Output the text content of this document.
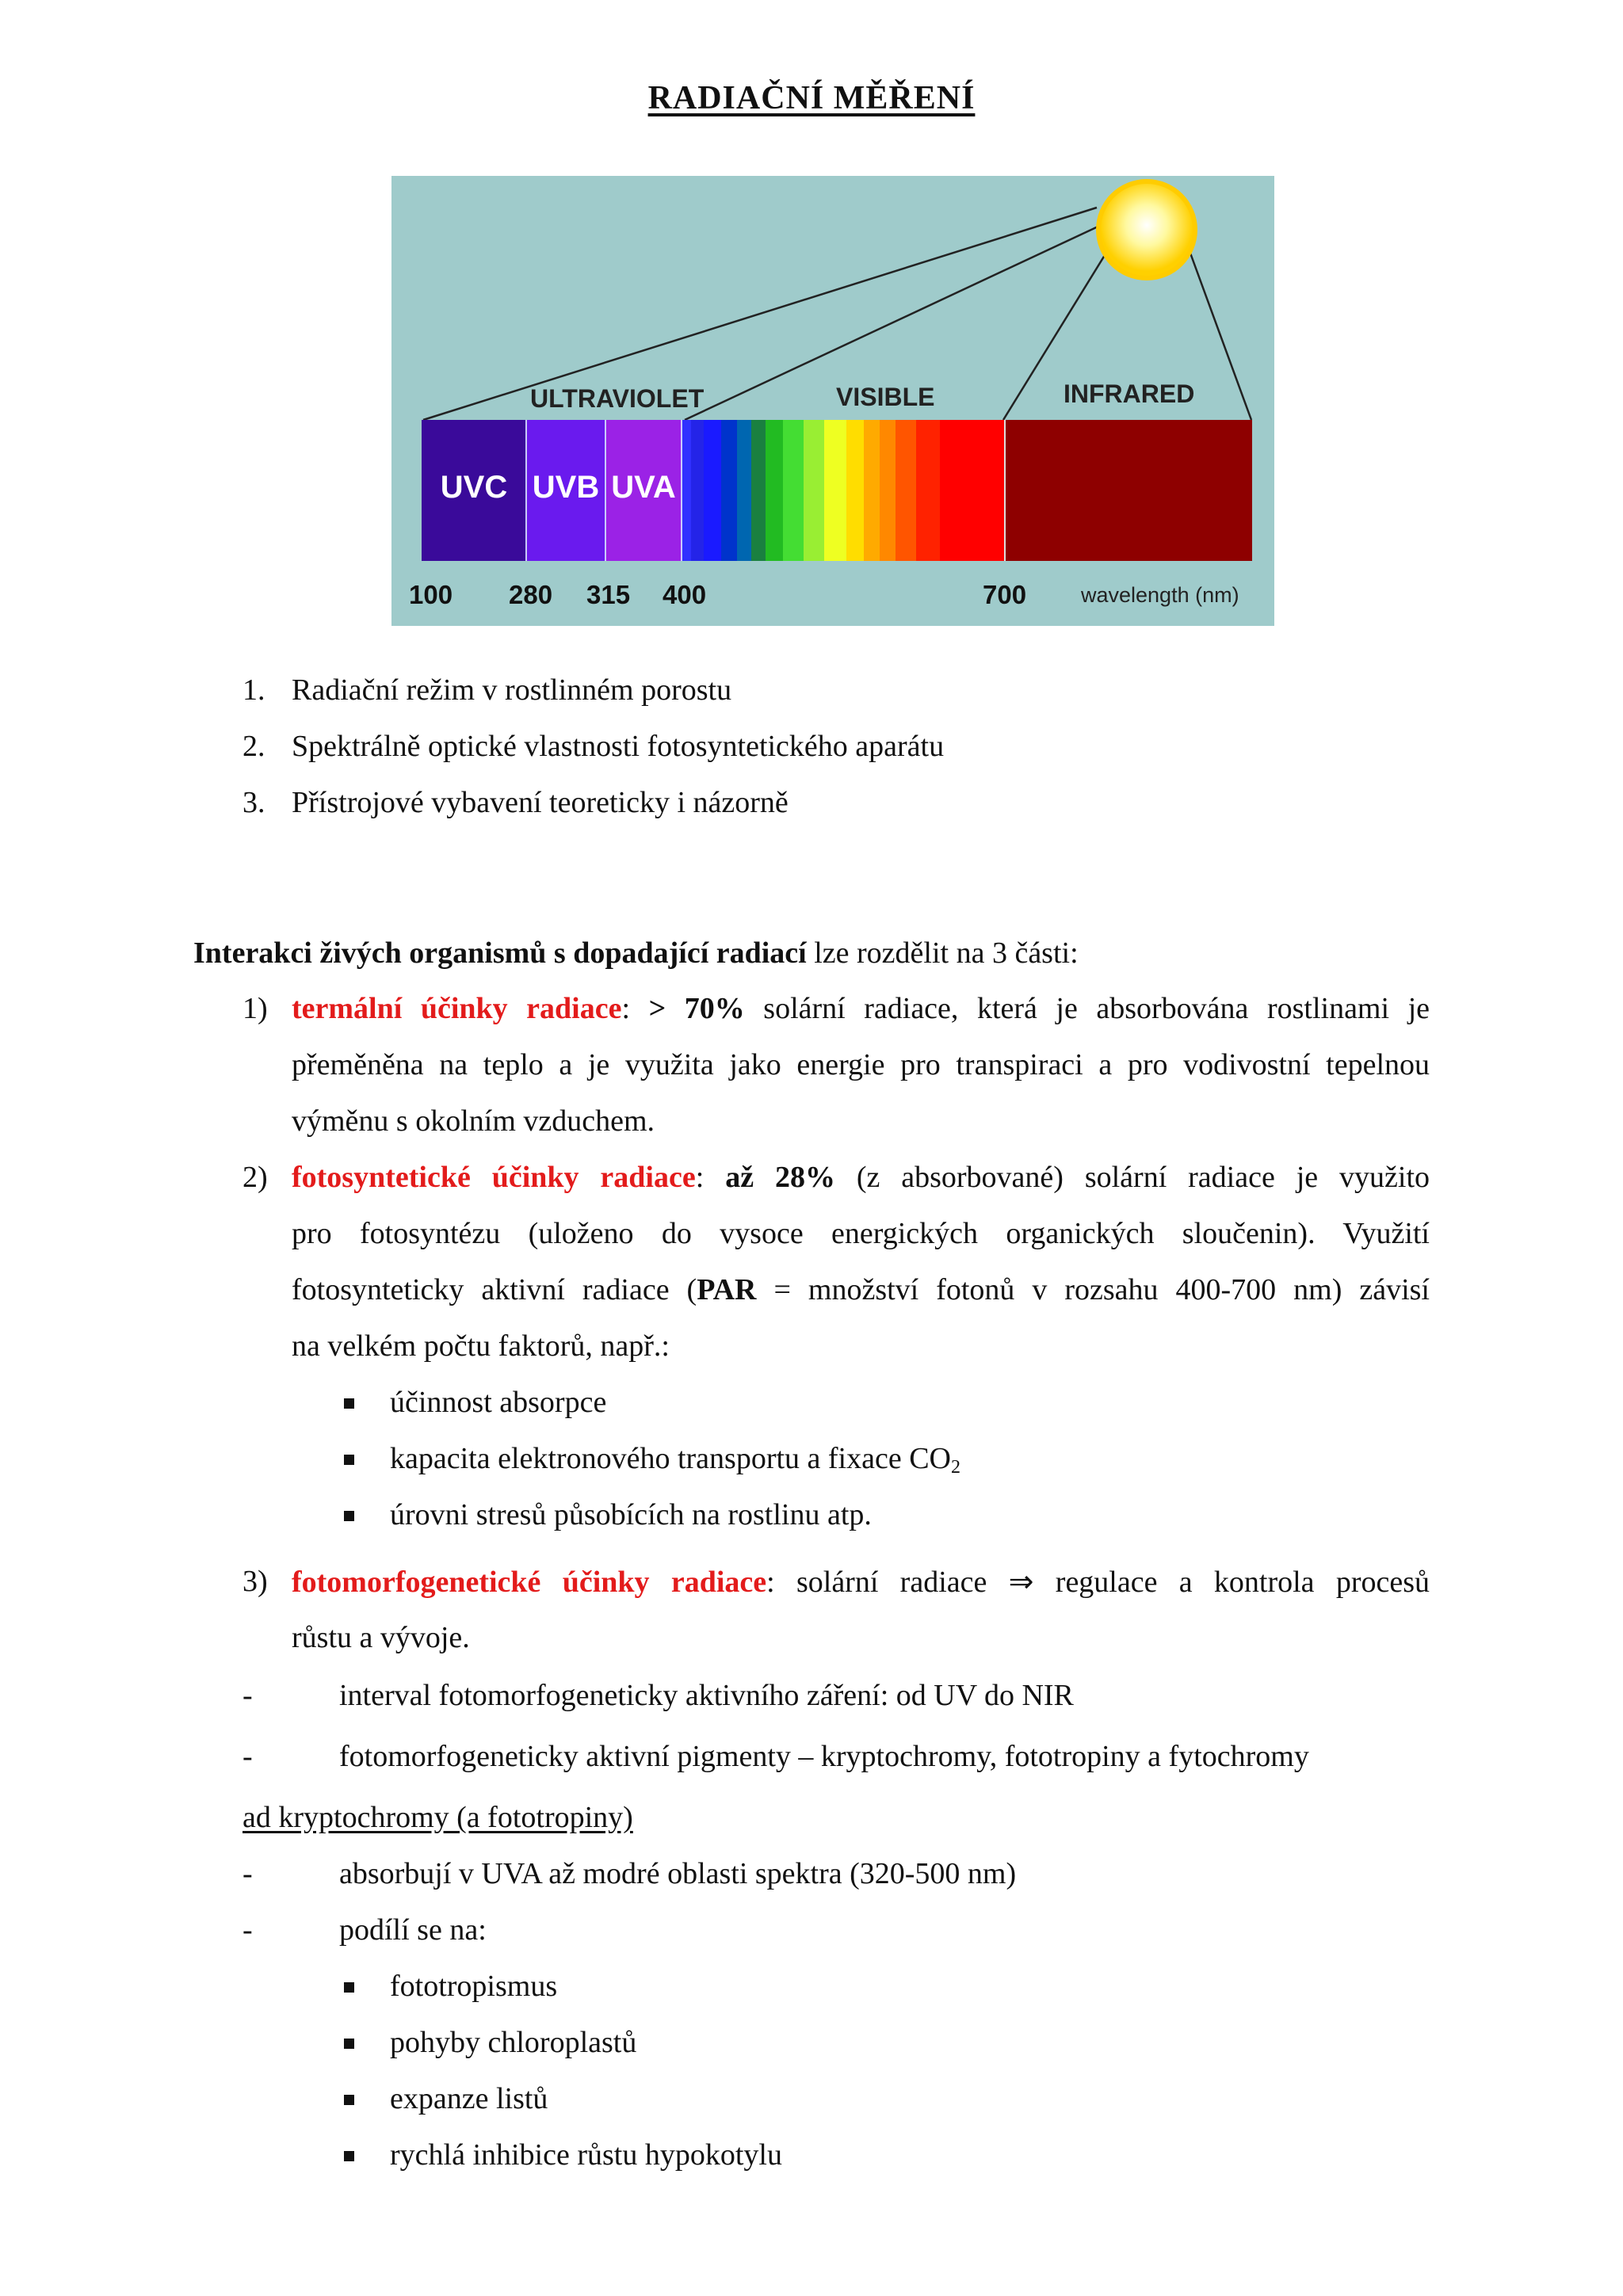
RADIAČNÍ MĚŘENÍ
ULTRAVIOLET	VISIBLE	INFRARED
UVC UVB UVA
100 280 315 400	700	wavelength (nm)
1. Radiační režim v rostlinném porostu
2. Spektrálně optické vlastnosti fotosyntetického aparátu
3. Přístrojové vybavení teoreticky i názorně
Interakci živých organismů s dopadající radiací lze rozdělit na 3 části:
1) termální účinky radiace: > 70% solární radiace, která je absorbována rostlinami je
přeměněna na teplo a je využita jako energie pro transpiraci a pro vodivostní tepelnou
výměnu s okolním vzduchem.
2) fotosyntetické účinky radiace: až 28% (z absorbované) solární radiace je využito
pro fotosyntézu (uloženo do vysoce energických organických sloučenin). Využití
fotosynteticky aktivní radiace (PAR = množství fotonů v rozsahu 400-700 nm) závisí
na velkém počtu faktorů, např.:
účinnost absorpce
kapacita elektronového transportu a fixace $CO_2$
úrovni stresů působících na rostlinu atp.
3) fotomorfogenetické účinky radiace: solární radiace ⇒ regulace a kontrola procesů
růstu a vývoje.
-	interval fotomorfogeneticky aktivního záření: od UV do NIR
-	fotomorfogeneticky aktivní pigmenty – kryptochromy, fototropiny a fytochromy
ad kryptochromy (a fototropiny)
-	absorbují v UVA až modré oblasti spektra (320-500 nm)
-	podílí se na:
fototropismus
pohyby chloroplastů
expanze listů
rychlá inhibice růstu hypokotylu
